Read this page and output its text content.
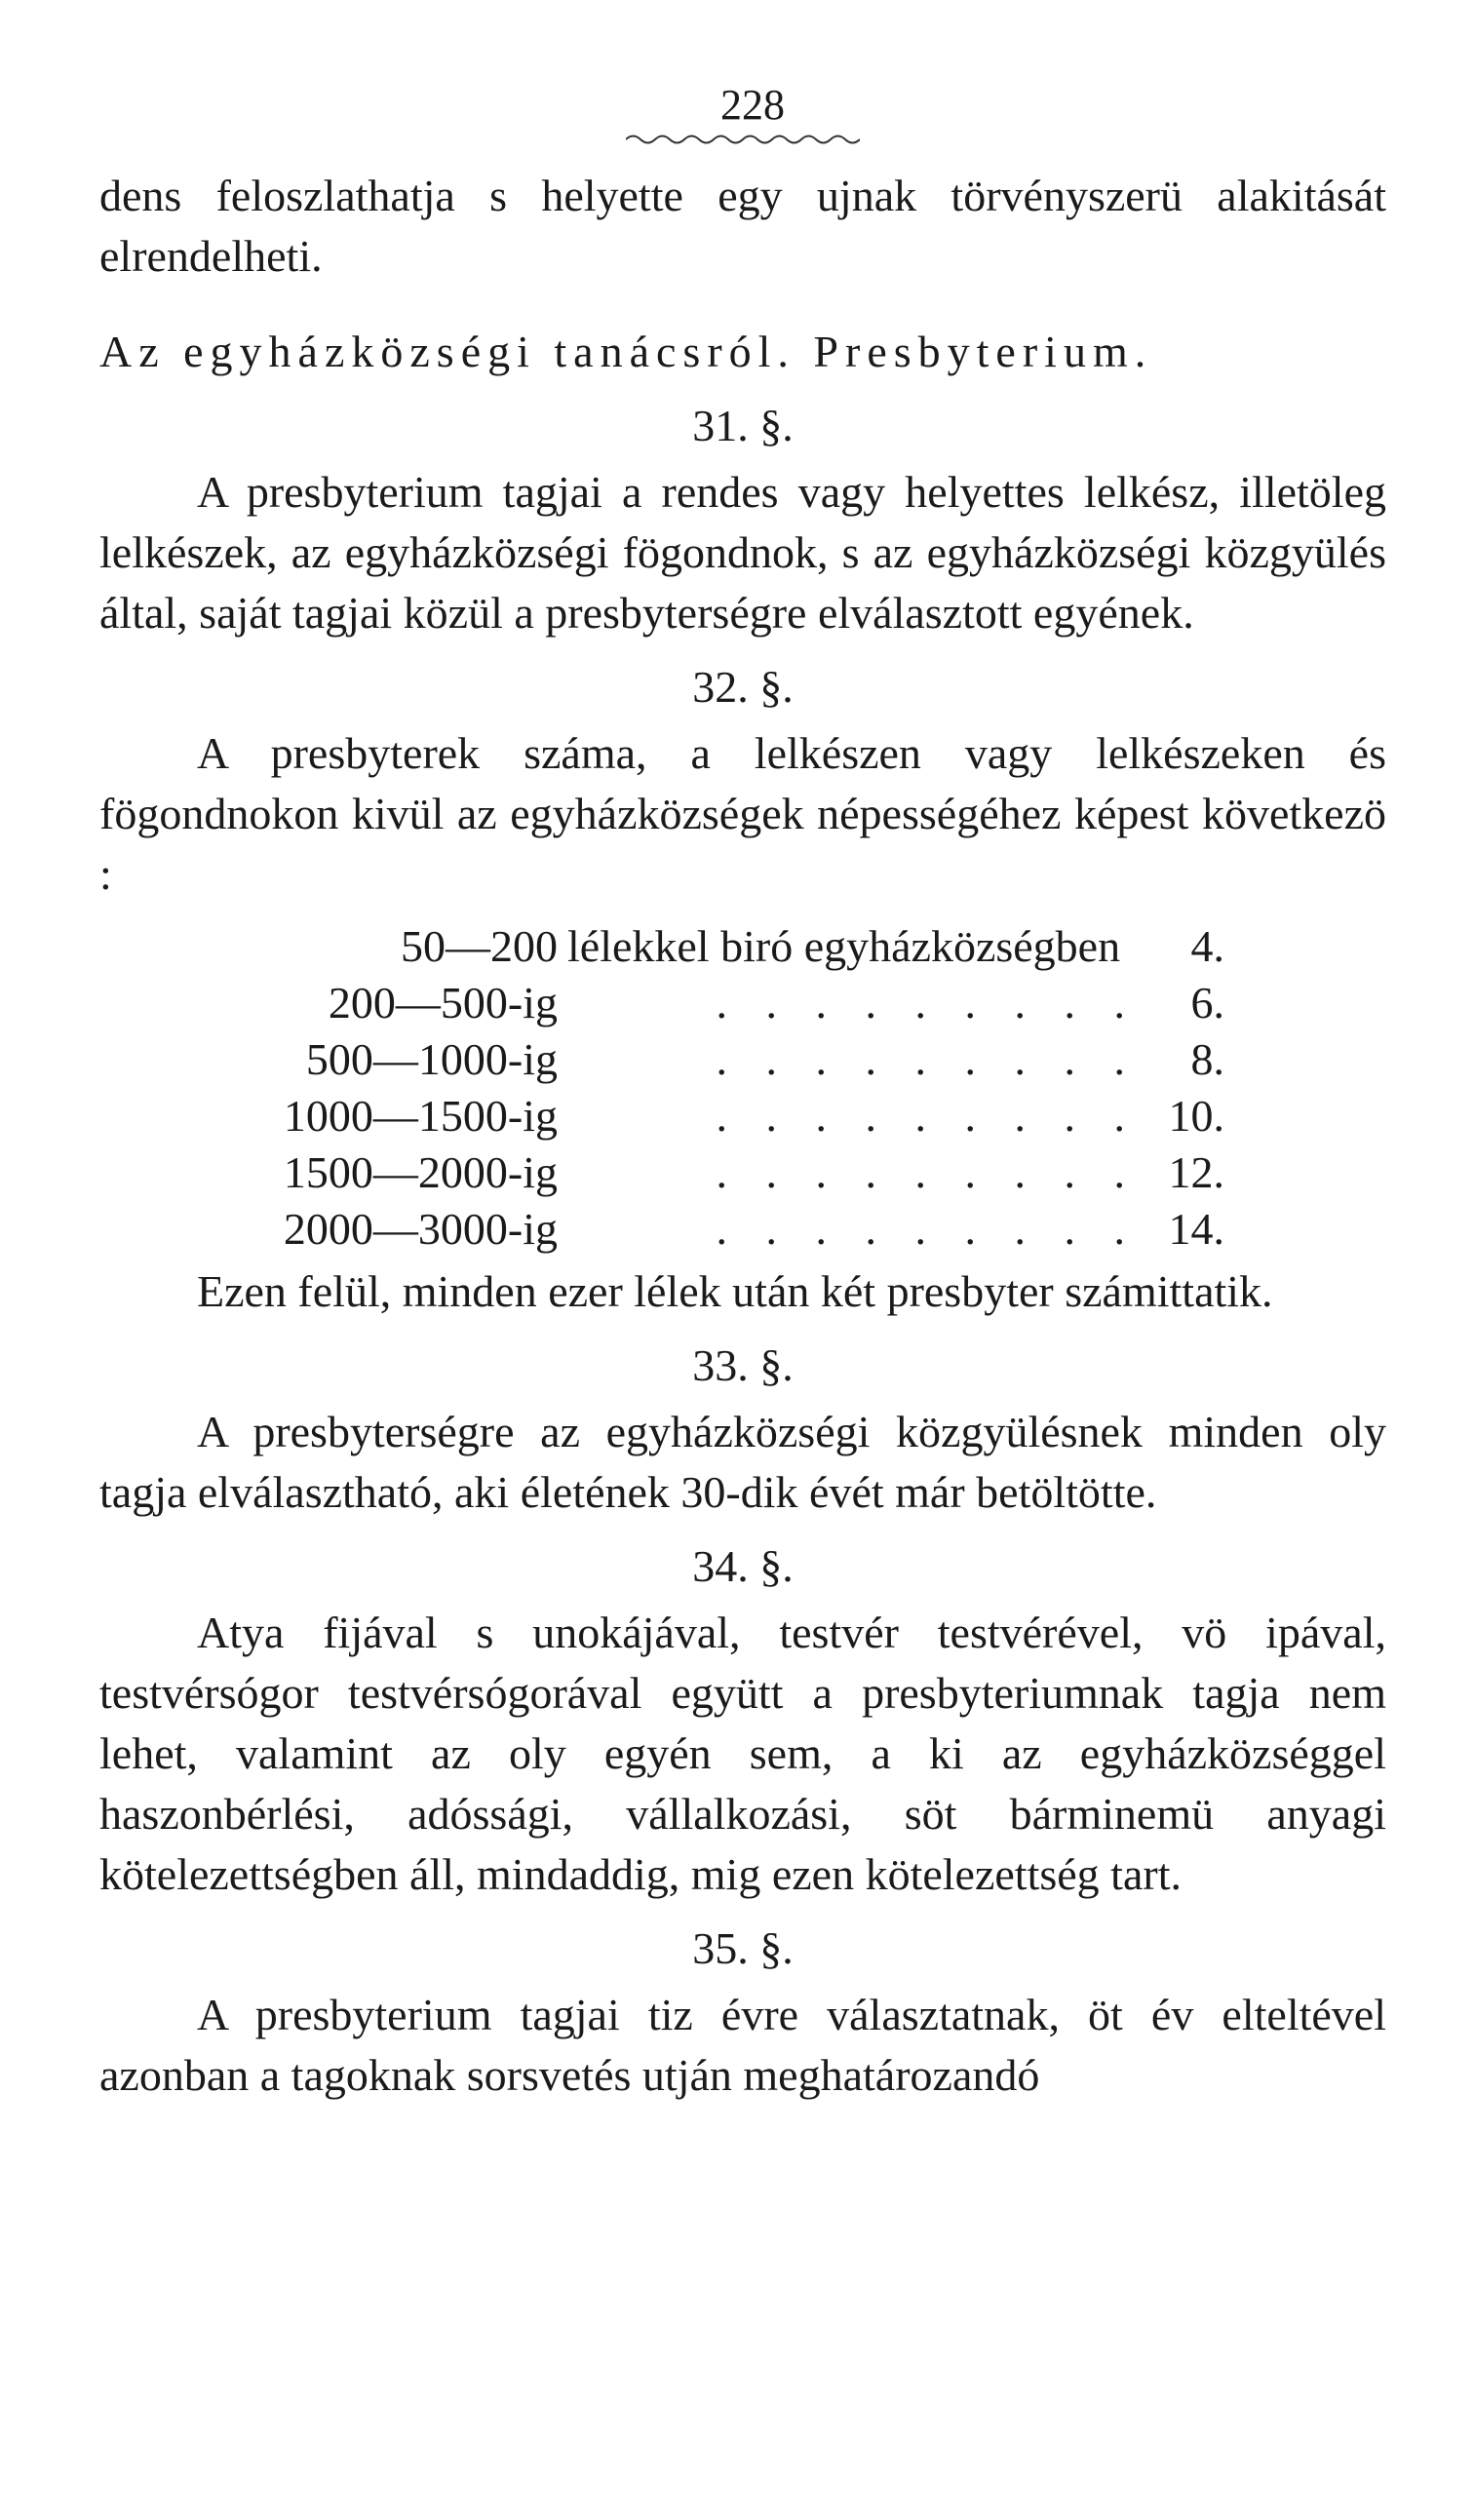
228

dens feloszlathatja s helyette egy ujnak törvényszerü alakitását elrendelheti.

Az egyházközségi tanácsról. Presbyterium.
31. §.

A presbyterium tagjai a rendes vagy helyettes lelkész, illetöleg lelkészek, az egyházközségi fögondnok, s az egyházközségi közgyülés által, saját tagjai közül a presbyterségre elválasztott egyének.

32. §.

A presbyterek száma, a lelkészen vagy lelkészeken és fögondnokon kivül az egyházközségek népességéhez képest következö :

50—200 lélekkel biró egyházközségben	4.
200—500-ig	. . . . . . . . .	6.
500—1000-ig	. . . . . . . . .	8.
1000—1500-ig	. . . . . . . . . 10.
1500—2000-ig	. . . . . . . . . 12.
2000—3000-ig	. . . . . . . . . 14.

Ezen felül, minden ezer lélek után két presbyter számittatik.

33. §.

A presbyterségre az egyházközségi közgyülésnek minden oly tagja elválasztható, aki életének 30-dik évét már betöltötte.

34. §.

Atya fijával s unokájával, testvér testvérével, vö ipával, testvérsógor testvérsógorával együtt a presbyteriumnak tagja nem lehet, valamint az oly egyén sem, a ki az egyházközséggel haszonbérlési, adóssági, vállalkozási, söt bárminemü anyagi kötelezettségben áll, mindaddig, mig ezen kötelezettség tart.

35. §.

A presbyterium tagjai tiz évre választatnak, öt év elteltével azonban a tagoknak sorsvetés utján meghatározandó
